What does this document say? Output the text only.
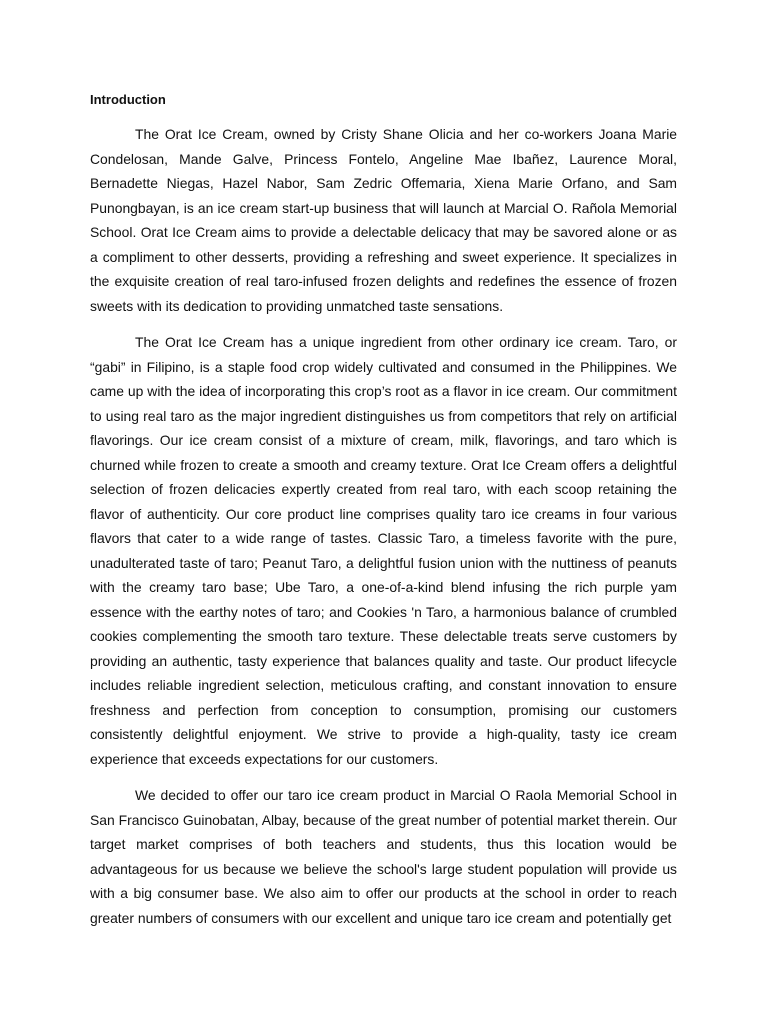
Introduction

The Orat Ice Cream, owned by Cristy Shane Olicia and her co-workers Joana Marie Condelosan, Mande Galve, Princess Fontelo, Angeline Mae Ibañez, Laurence Moral, Bernadette Niegas, Hazel Nabor, Sam Zedric Offemaria, Xiena Marie Orfano, and Sam Punongbayan, is an ice cream start-up business that will launch at Marcial O. Rañola Memorial School. Orat Ice Cream aims to provide a delectable delicacy that may be savored alone or as a compliment to other desserts, providing a refreshing and sweet experience. It specializes in the exquisite creation of real taro-infused frozen delights and redefines the essence of frozen sweets with its dedication to providing unmatched taste sensations.

The Orat Ice Cream has a unique ingredient from other ordinary ice cream. Taro, or “gabi” in Filipino, is a staple food crop widely cultivated and consumed in the Philippines. We came up with the idea of incorporating this crop’s root as a flavor in ice cream. Our commitment to using real taro as the major ingredient distinguishes us from competitors that rely on artificial flavorings. Our ice cream consist of a mixture of cream, milk, flavorings, and taro which is churned while frozen to create a smooth and creamy texture. Orat Ice Cream offers a delightful selection of frozen delicacies expertly created from real taro, with each scoop retaining the flavor of authenticity. Our core product line comprises quality taro ice creams in four various flavors that cater to a wide range of tastes. Classic Taro, a timeless favorite with the pure, unadulterated taste of taro; Peanut Taro, a delightful fusion union with the nuttiness of peanuts with the creamy taro base; Ube Taro, a one-of-a-kind blend infusing the rich purple yam essence with the earthy notes of taro; and Cookies 'n Taro, a harmonious balance of crumbled cookies complementing the smooth taro texture. These delectable treats serve customers by providing an authentic, tasty experience that balances quality and taste. Our product lifecycle includes reliable ingredient selection, meticulous crafting, and constant innovation to ensure freshness and perfection from conception to consumption, promising our customers consistently delightful enjoyment. We strive to provide a high-quality, tasty ice cream experience that exceeds expectations for our customers.

We decided to offer our taro ice cream product in Marcial O Raola Memorial School in San Francisco Guinobatan, Albay, because of the great number of potential market therein. Our target market comprises of both teachers and students, thus this location would be advantageous for us because we believe the school's large student population will provide us with a big consumer base. We also aim to offer our products at the school in order to reach greater numbers of consumers with our excellent and unique taro ice cream and potentially get
